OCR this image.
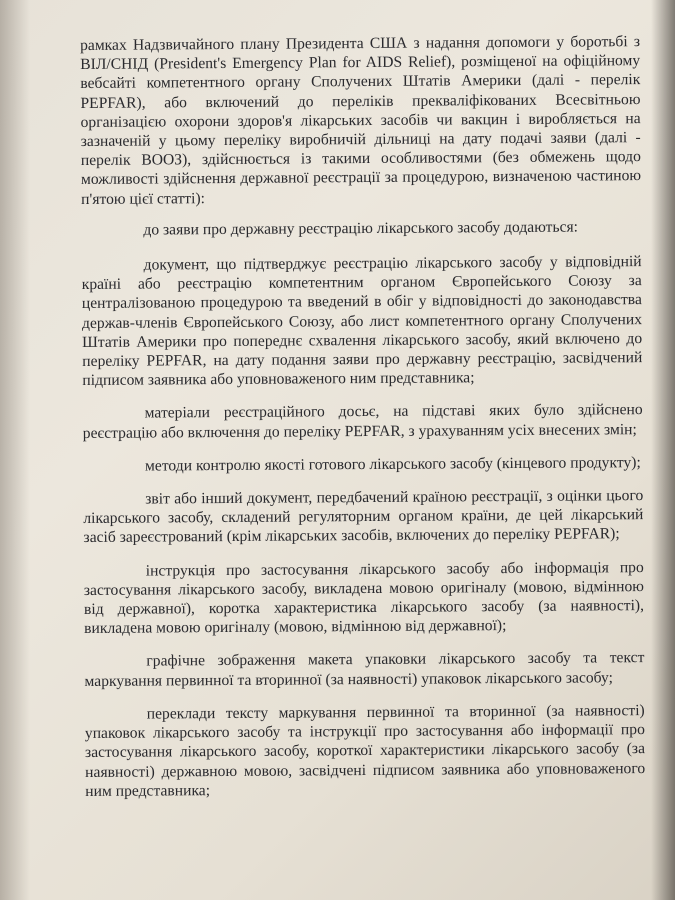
рамках Надзвичайного плану Президента США з надання допомоги у боротьбі з ВІЛ/СНІД (President's Emergency Plan for AIDS Relief), розміщеної на офіційному вебсайті компетентного органу Сполучених Штатів Америки (далі - перелік PEPFAR), або включений до переліків прекваліфікованих Всесвітньою організацією охорони здоров'я лікарських засобів чи вакцин і виробляється на зазначеній у цьому переліку виробничій дільниці на дату подачі заяви (далі - перелік ВООЗ), здійснюється із такими особливостями (без обмежень щодо можливості здійснення державної реєстрації за процедурою, визначеною частиною п'ятою цієї статті):

до заяви про державну реєстрацію лікарського засобу додаються:

документ, що підтверджує реєстрацію лікарського засобу у відповідній країні або реєстрацію компетентним органом Європейського Союзу за централізованою процедурою та введений в обіг у відповідності до законодавства держав-членів Європейського Союзу, або лист компетентного органу Сполучених Штатів Америки про попереднє схвалення лікарського засобу, який включено до переліку PEPFAR, на дату подання заяви про державну реєстрацію, засвідчений підписом заявника або уповноваженого ним представника;

матеріали реєстраційного досьє, на підставі яких було здійснено реєстрацію або включення до переліку PEPFAR, з урахуванням усіх внесених змін;

методи контролю якості готового лікарського засобу (кінцевого продукту);

звіт або інший документ, передбачений країною реєстрації, з оцінки цього лікарського засобу, складений регуляторним органом країни, де цей лікарський засіб зареєстрований (крім лікарських засобів, включених до переліку PEPFAR);

інструкція про застосування лікарського засобу або інформація про застосування лікарського засобу, викладена мовою оригіналу (мовою, відмінною від державної), коротка характеристика лікарського засобу (за наявності), викладена мовою оригіналу (мовою, відмінною від державної);

графічне зображення макета упаковки лікарського засобу та текст маркування первинної та вторинної (за наявності) упаковок лікарського засобу;

переклади тексту маркування первинної та вторинної (за наявності) упаковок лікарського засобу та інструкції про застосування або інформації про застосування лікарського засобу, короткої характеристики лікарського засобу (за наявності) державною мовою, засвідчені підписом заявника або уповноваженого ним представника;
